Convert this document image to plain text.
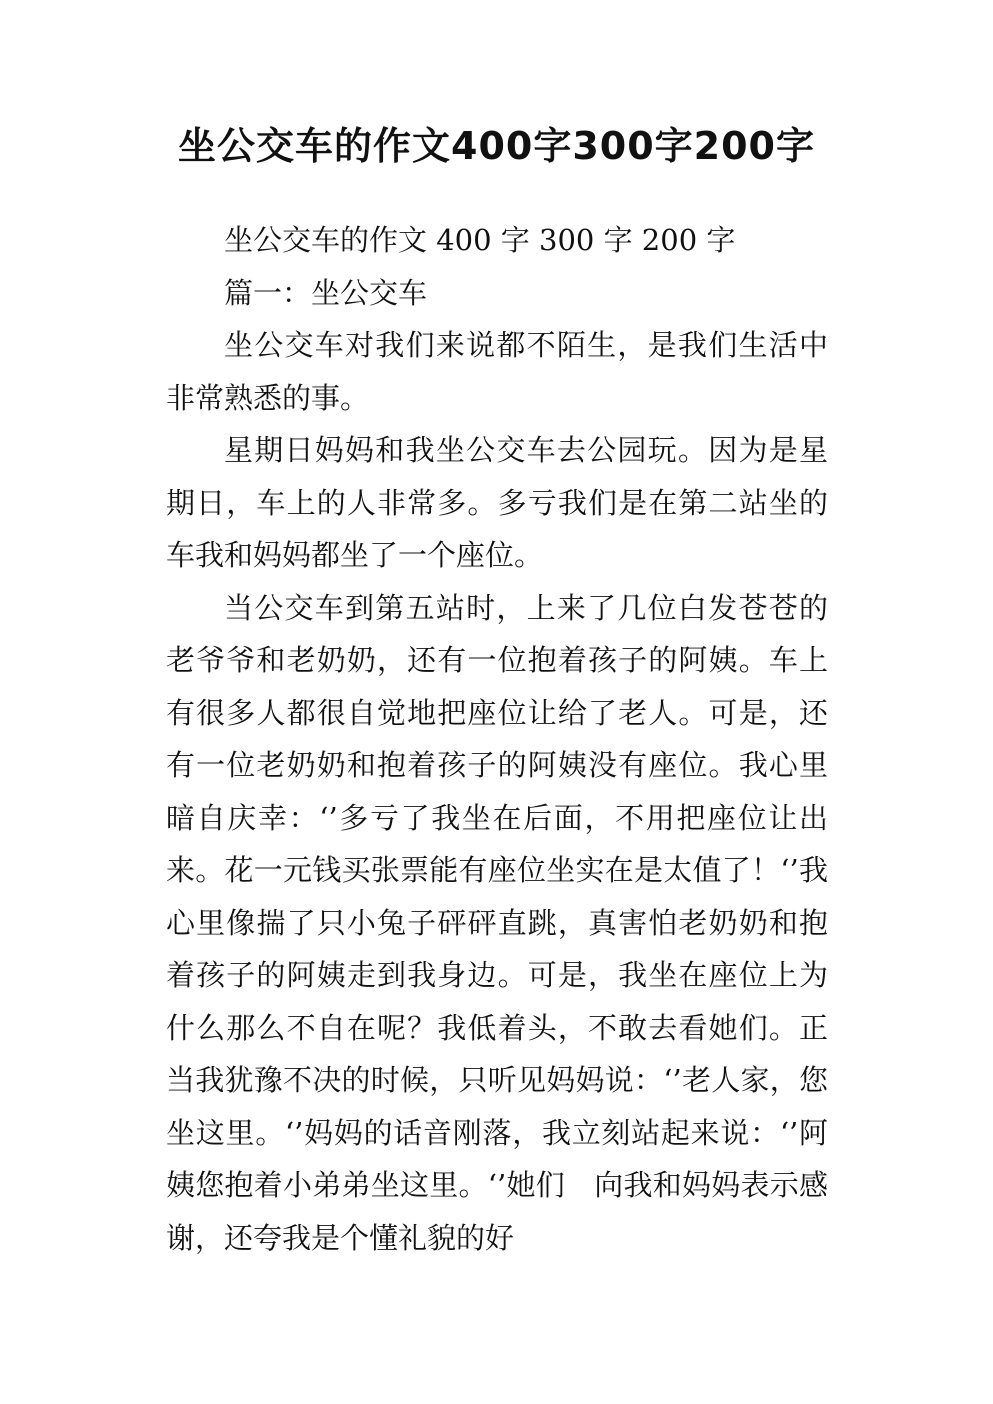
坐公交车的作文400字300字200字

坐公交车的作文 400 字 300 字 200 字

篇一：坐公交车

坐公交车对我们来说都不陌生，是我们生活中非常熟悉的事。

星期日妈妈和我坐公交车去公园玩。因为是星期日，车上的人非常多。多亏我们是在第二站坐的车我和妈妈都坐了一个座位。

当公交车到第五站时，上来了几位白发苍苍的老爷爷和老奶奶，还有一位抱着孩子的阿姨。车上有很多人都很自觉地把座位让给了老人。可是，还有一位老奶奶和抱着孩子的阿姨没有座位。我心里暗自庆幸：‘’多亏了我坐在后面，不用把座位让出来。花一元钱买张票能有座位坐实在是太值了！‘’我心里像揣了只小兔子砰砰直跳，真害怕老奶奶和抱着孩子的阿姨走到我身边。可是，我坐在座位上为什么那么不自在呢？我低着头，不敢去看她们。正当我犹豫不决的时候，只听见妈妈说：‘’老人家，您坐这里。‘’妈妈的话音刚落，我立刻站起来说：‘’阿姨您抱着小弟弟坐这里。‘’她们　向我和妈妈表示感谢，还夸我是个懂礼貌的好
